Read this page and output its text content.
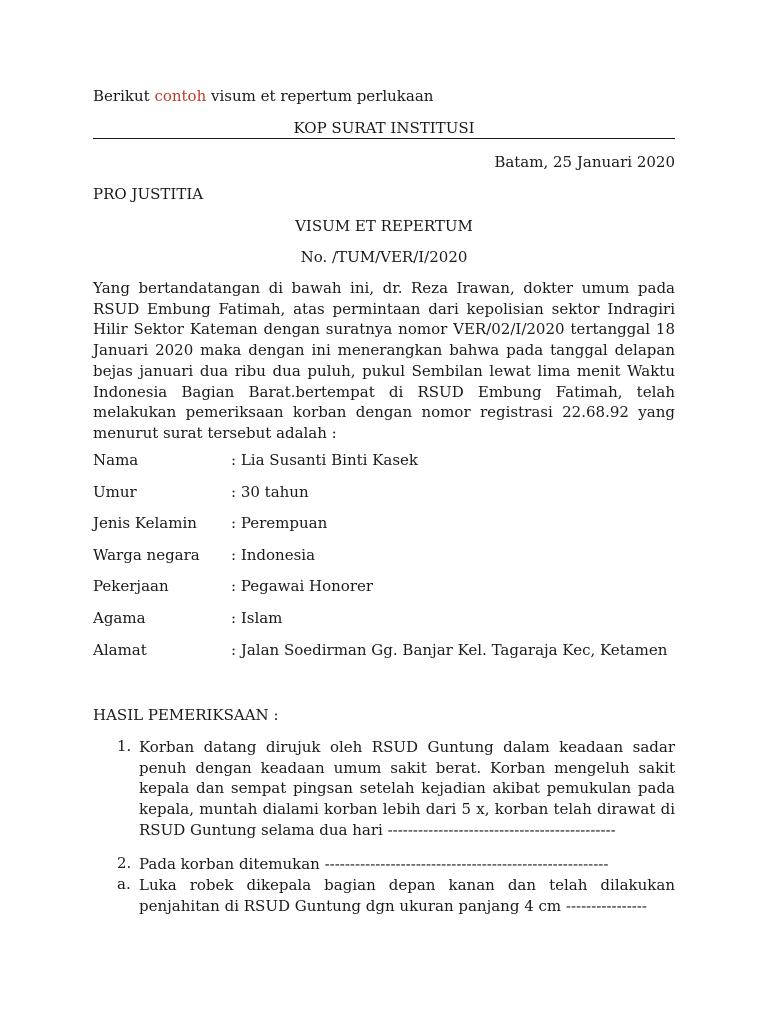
Berikut contoh visum et repertum perlukaan
KOP SURAT INSTITUSI
Batam, 25 Januari 2020
PRO JUSTITIA
VISUM ET REPERTUM
No. /TUM/VER/I/2020
Yang bertandatangan di bawah ini, dr. Reza Irawan, dokter umum pada RSUD Embung Fatimah, atas permintaan dari kepolisian sektor Indragiri Hilir Sektor Kateman dengan suratnya nomor VER/02/I/2020 tertanggal 18 Januari 2020 maka dengan ini menerangkan bahwa pada tanggal delapan bejas januari dua ribu dua puluh, pukul Sembilan lewat lima menit Waktu Indonesia Bagian Barat.bertempat di RSUD Embung Fatimah, telah melakukan pemeriksaan korban dengan nomor registrasi 22.68.92 yang menurut surat tersebut adalah :
Nama	: Lia Susanti Binti Kasek
Umur	: 30 tahun
Jenis Kelamin : Perempuan
Warga negara : Indonesia
Pekerjaan	: Pegawai Honorer
Agama	: Islam
Alamat	: Jalan Soedirman Gg. Banjar Kel. Tagaraja Kec, Ketamen
HASIL PEMERIKSAAN :
1. Korban datang dirujuk oleh RSUD Guntung dalam keadaan sadar penuh dengan keadaan umum sakit berat. Korban mengeluh sakit kepala dan sempat pingsan setelah kejadian akibat pemukulan pada kepala, muntah dialami korban lebih dari 5 x, korban telah dirawat di RSUD Guntung selama dua hari ---------------------------------------------
2. Pada korban ditemukan --------------------------------------------------------
a. Luka robek dikepala bagian depan kanan dan telah dilakukan penjahitan di RSUD Guntung dgn ukuran panjang 4 cm ----------------
